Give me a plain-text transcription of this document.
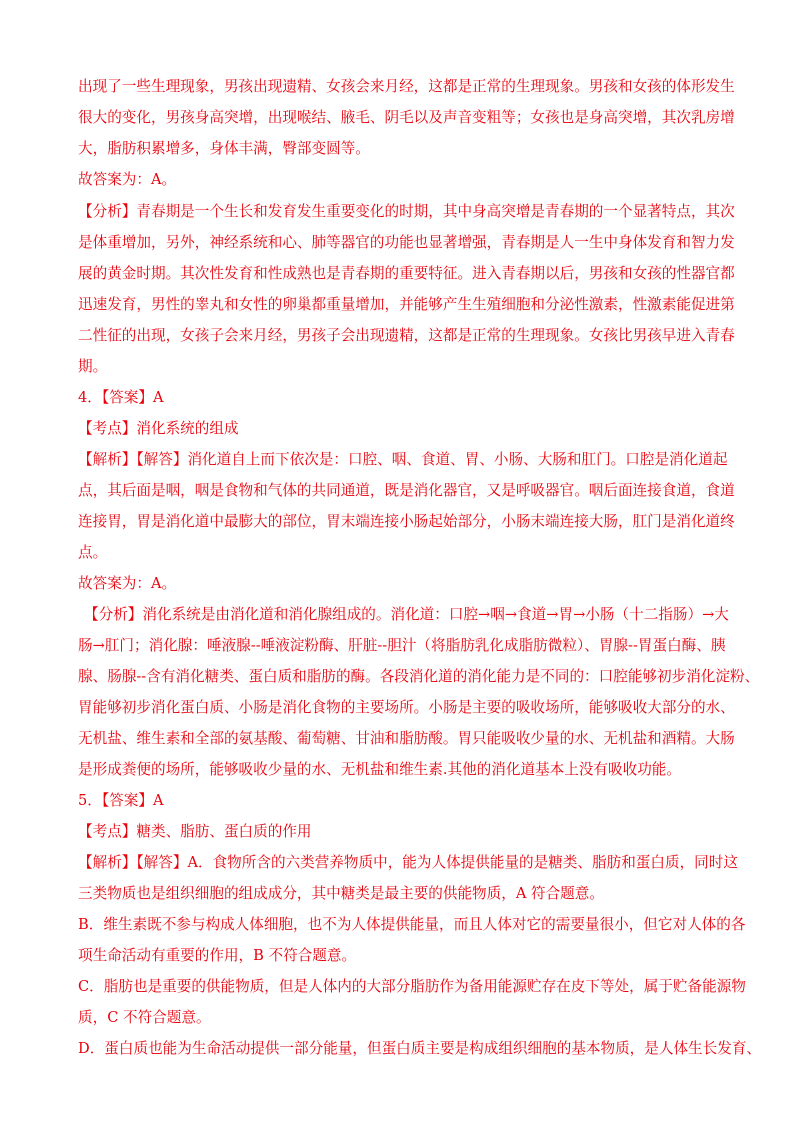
出现了一些生理现象，男孩出现遗精、女孩会来月经，这都是正常的生理现象。男孩和女孩的体形发生
很大的变化，男孩身高突增，出现喉结、腋毛、阴毛以及声音变粗等；女孩也是身高突增，其次乳房增
大，脂肪积累增多，身体丰满，臀部变圆等。
故答案为：A。
【分析】青春期是一个生长和发育发生重要变化的时期，其中身高突增是青春期的一个显著特点，其次
是体重增加，另外，神经系统和心、肺等器官的功能也显著增强，青春期是人一生中身体发育和智力发
展的黄金时期。其次性发育和性成熟也是青春期的重要特征。进入青春期以后，男孩和女孩的性器官都
迅速发育，男性的睾丸和女性的卵巢都重量增加，并能够产生生殖细胞和分泌性激素，性激素能促进第
二性征的出现，女孩子会来月经，男孩子会出现遗精，这都是正常的生理现象。女孩比男孩早进入青春
期。
4．【答案】A
【考点】消化系统的组成
【解析】【解答】消化道自上而下依次是：口腔、咽、食道、胃、小肠、大肠和肛门。口腔是消化道起
点，其后面是咽，咽是食物和气体的共同通道，既是消化器官，又是呼吸器官。咽后面连接食道，食道
连接胃，胃是消化道中最膨大的部位，胃末端连接小肠起始部分，小肠末端连接大肠，肛门是消化道终
点。
故答案为：A。
【分析】消化系统是由消化道和消化腺组成的。消化道：口腔→咽→食道→胃→小肠（十二指肠）→大
肠→肛门；消化腺：唾液腺--唾液淀粉酶、肝脏--胆汁（将脂肪乳化成脂肪微粒）、胃腺--胃蛋白酶、胰
腺、肠腺--含有消化糖类、蛋白质和脂肪的酶。各段消化道的消化能力是不同的：口腔能够初步消化淀粉、
胃能够初步消化蛋白质、小肠是消化食物的主要场所。小肠是主要的吸收场所，能够吸收大部分的水、
无机盐、维生素和全部的氨基酸、葡萄糖、甘油和脂肪酸。胃只能吸收少量的水、无机盐和酒精。大肠
是形成粪便的场所，能够吸收少量的水、无机盐和维生素.其他的消化道基本上没有吸收功能。
5．【答案】A
【考点】糖类、脂肪、蛋白质的作用
【解析】【解答】A．食物所含的六类营养物质中，能为人体提供能量的是糖类、脂肪和蛋白质，同时这
三类物质也是组织细胞的组成成分，其中糖类是最主要的供能物质，A 符合题意。
B．维生素既不参与构成人体细胞，也不为人体提供能量，而且人体对它的需要量很小，但它对人体的各
项生命活动有重要的作用，B 不符合题意。
C．脂肪也是重要的供能物质，但是人体内的大部分脂肪作为备用能源贮存在皮下等处，属于贮备能源物
质，C 不符合题意。
D．蛋白质也能为生命活动提供一部分能量，但蛋白质主要是构成组织细胞的基本物质，是人体生长发育、
